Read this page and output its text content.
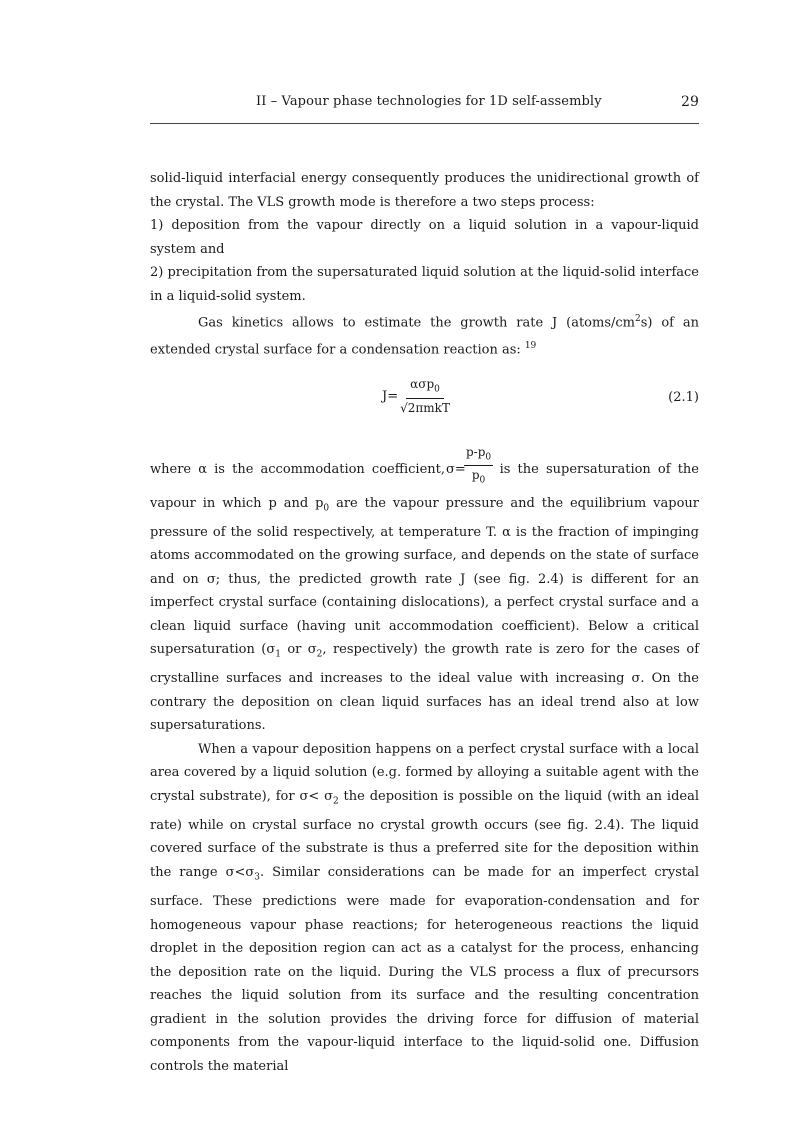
II – Vapour phase technologies for 1D self-assembly	29

solid-liquid interfacial energy consequently produces the unidirectional growth of the crystal. The VLS growth mode is therefore a two steps process:

1) deposition from the vapour directly on a liquid solution in a vapour-liquid system and

2) precipitation from the supersaturated liquid solution at the liquid-solid interface in a liquid-solid system.

Gas kinetics allows to estimate the growth rate J $(atoms/cm^2s)$ of an extended crystal surface for a condensation reaction as: $^{19}$

$J= \frac{\alpha\sigma p_0}{\text{√2πmkT}}$	(2.1)
where α is the accommodation coefficient, σ=
$\frac{p-p_0}{p_0}$ is the supersaturation of the

vapour in which p and $p_0$ are the vapour pressure and the equilibrium vapour pressure of the solid respectively, at temperature T. α is the fraction of impinging atoms accommodated on the growing surface, and depends on the state of surface and on σ; thus, the predicted growth rate J (see fig. 2.4) is different for an imperfect crystal surface (containing dislocations), a perfect crystal surface and a clean liquid surface (having unit accommodation coefficient). Below a critical supersaturation ($\sigma_1$ or $\sigma_2$, respectively) the growth rate is zero for the cases of crystalline surfaces and increases to the ideal value with increasing σ. On the contrary the deposition on clean liquid surfaces has an ideal trend also at low supersaturations.

When a vapour deposition happens on a perfect crystal surface with a local area covered by a liquid solution (e.g. formed by alloying a suitable agent with the crystal substrate), for $\sigma< \sigma_2$ the deposition is possible on the liquid (with an ideal rate) while on crystal surface no crystal growth occurs (see fig. 2.4). The liquid covered surface of the substrate is thus a preferred site for the deposition within the range $\sigma<\sigma_3$. Similar considerations can be made for an imperfect crystal surface. These predictions were made for evaporation-condensation and for homogeneous vapour phase reactions; for heterogeneous reactions the liquid droplet in the deposition region can act as a catalyst for the process, enhancing the deposition rate on the liquid. During the VLS process a flux of precursors reaches the liquid solution from its surface and the resulting concentration gradient in the solution provides the driving force for diffusion of material components from the vapour-liquid interface to the liquid-solid one. Diffusion controls the material
